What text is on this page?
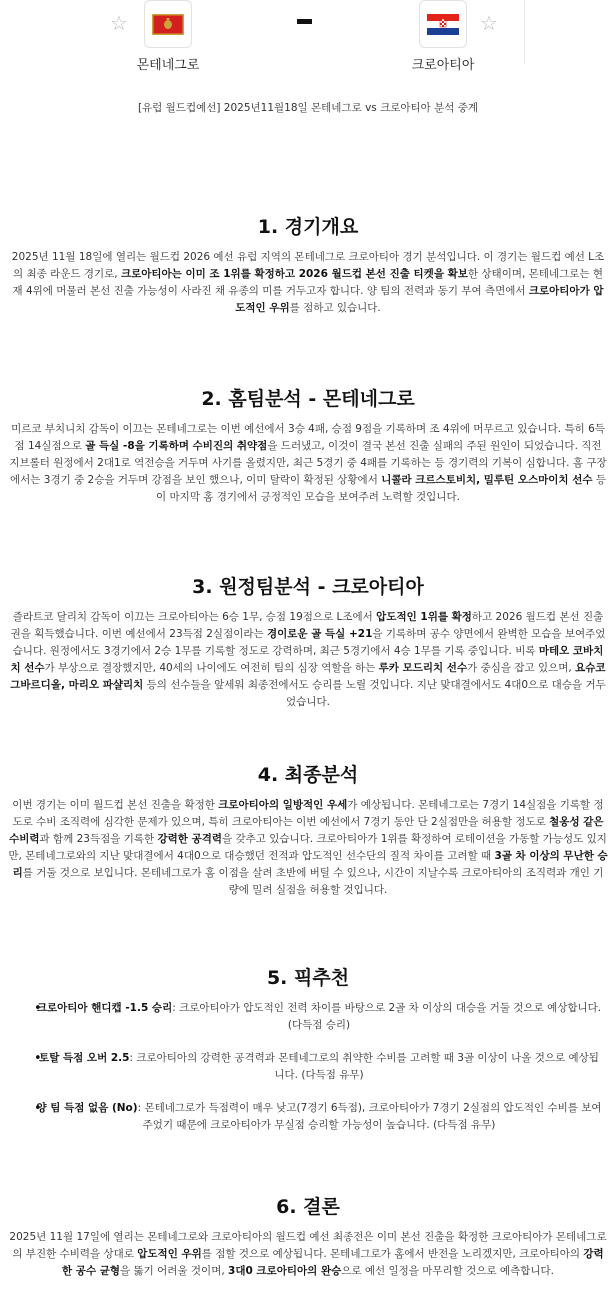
☆
몬테네그로	크로아티아
☆
[유럽 월드컵예선] 2025년11월18일 몬테네그로 vs 크로아티아 분석 중계
1. 경기개요

2025년 11월 18일에 열리는 월드컵 2026 예선 유럽 지역의 몬테네그로 크로아티아 경기 분석입니다. 이 경기는 월드컵 예선 L조의 최종 라운드 경기로, 크로아티아는 이미 조 1위를 확정하고 2026 월드컵 본선 진출 티켓을 확보한 상태이며, 몬테네그로는 현재 4위에 머물러 본선 진출 가능성이 사라진 채 유종의 미를 거두고자 합니다. 양 팀의 전력과 동기 부여 측면에서 크로아티아가 압도적인 우위를 점하고 있습니다.

2. 홈팀분석 - 몬테네그로

미르코 부치니치 감독이 이끄는 몬테네그로는 이번 예선에서 3승 4패, 승점 9점을 기록하며 조 4위에 머무르고 있습니다. 특히 6득점 14실점으로 골 득실 -8을 기록하며 수비진의 취약점을 드러냈고, 이것이 결국 본선 진출 실패의 주된 원인이 되었습니다. 직전 지브롤터 원정에서 2대1로 역전승을 거두며 사기를 올렸지만, 최근 5경기 중 4패를 기록하는 등 경기력의 기복이 심합니다. 홈 구장에서는 3경기 중 2승을 거두며 강점을 보인 했으나, 이미 탈락이 확정된 상황에서 니콜라 크르스토비치, 밀루틴 오스마이치 선수 등이 마지막 홈 경기에서 긍정적인 모습을 보여주려 노력할 것입니다.

3. 원정팀분석 - 크로아티아

즐라트코 달리치 감독이 이끄는 크로아티아는 6승 1무, 승점 19점으로 L조에서 압도적인 1위를 확정하고 2026 월드컵 본선 진출권을 획득했습니다. 이번 예선에서 23득점 2실점이라는 경이로운 골 득실 +21을 기록하며 공수 양면에서 완벽한 모습을 보여주었습니다. 원정에서도 3경기에서 2승 1무를 기록할 정도로 강력하며, 최근 5경기에서 4승 1무를 기록 중입니다. 비록 마테오 코바치치 선수가 부상으로 결장했지만, 40세의 나이에도 여전히 팀의 심장 역할을 하는 루카 모드리치 선수가 중심을 잡고 있으며, 요슈코 그바르디올, 마리오 파샬리치 등의 선수들을 앞세워 최종전에서도 승리를 노릴 것입니다. 지난 맞대결에서도 4대0으로 대승을 거두었습니다.

4. 최종분석

이번 경기는 이미 월드컵 본선 진출을 확정한 크로아티아의 일방적인 우세가 예상됩니다. 몬테네그로는 7경기 14실점을 기록할 정도로 수비 조직력에 심각한 문제가 있으며, 특히 크로아티아는 이번 예선에서 7경기 동안 단 2실점만을 허용할 정도로 철옹성 같은 수비력과 함께 23득점을 기록한 강력한 공격력을 갖추고 있습니다. 크로아티아가 1위를 확정하여 로테이션을 가동할 가능성도 있지만, 몬테네그로와의 지난 맞대결에서 4대0으로 대승했던 전적과 압도적인 선수단의 질적 차이를 고려할 때 3골 차 이상의 무난한 승리를 거둘 것으로 보입니다. 몬테네그로가 홈 이점을 살려 초반에 버틸 수 있으나, 시간이 지날수록 크로아티아의 조직력과 개인 기량에 밀려 실점을 허용할 것입니다.

5. 픽추천
• 크로아티아 핸디캡 -1.5 승리: 크로아티아가 압도적인 전력 차이를 바탕으로 2골 차 이상의 대승을 거둘 것으로 예상합니다. (다득점 승리)
• 토탈 득점 오버 2.5: 크로아티아의 강력한 공격력과 몬테네그로의 취약한 수비를 고려할 때 3골 이상이 나올 것으로 예상됩니다. (다득점 유무)
• 양 팀 득점 없음 (No): 몬테네그로가 득점력이 매우 낮고(7경기 6득점), 크로아티아가 7경기 2실점의 압도적인 수비를 보여주었기 때문에 크로아티아가 무실점 승리할 가능성이 높습니다. (다득점 유무)
6. 결론

2025년 11월 17일에 열리는 몬테네그로와 크로아티아의 월드컵 예선 최종전은 이미 본선 진출을 확정한 크로아티아가 몬테네그로의 부진한 수비력을 상대로 압도적인 우위를 점할 것으로 예상됩니다. 몬테네그로가 홈에서 반전을 노리겠지만, 크로아티아의 강력한 공수 균형을 뚫기 어려울 것이며, 3대0 크로아티아의 완승으로 예선 일정을 마무리할 것으로 예측합니다.
